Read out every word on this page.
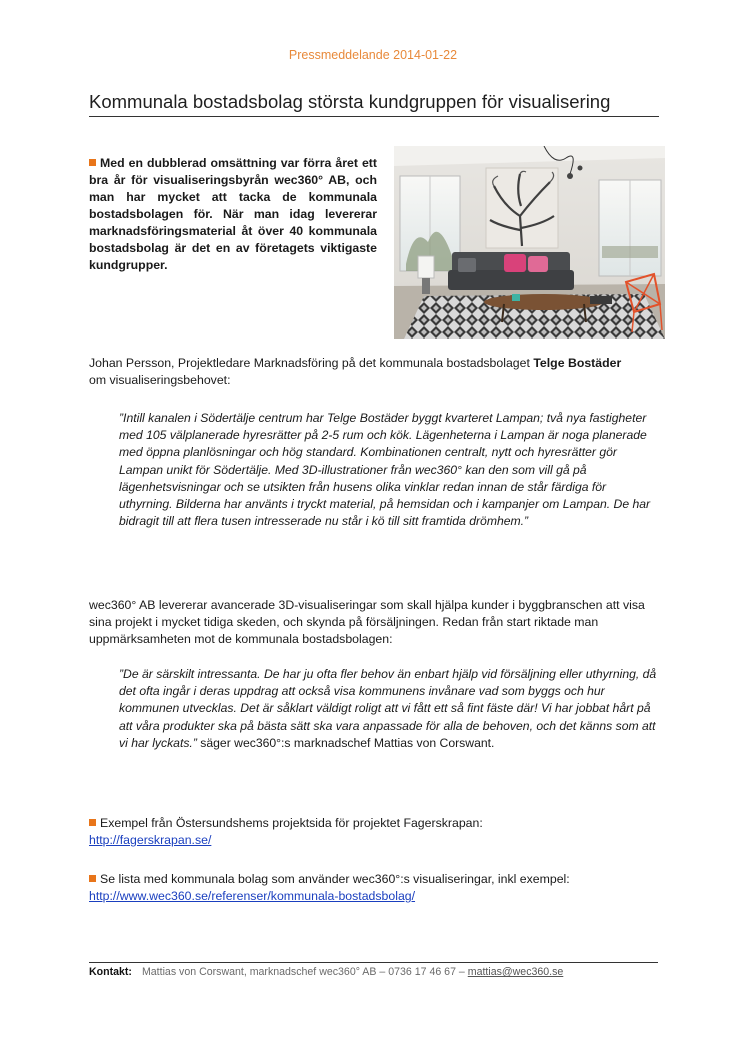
Pressmeddelande 2014-01-22
Kommunala bostadsbolag största kundgruppen för visualisering
Med en dubblerad omsättning var förra året ett bra år för visualiseringsbyrån wec360° AB, och man har mycket att tacka de kommunala bostadsbolagen för. När man idag levererar marknadsföringsmaterial åt över 40 kommunala bostadsbolag är det en av företagets viktigaste kundgrupper.
Johan Persson, Projektledare Marknadsföring på det kommunala bostadsbolaget Telge Bostäder
om visualiseringsbehovet:
”Intill kanalen i Södertälje centrum har Telge Bostäder byggt kvarteret Lampan; två nya fastigheter med 105 välplanerade hyresrätter på 2-5 rum och kök. Lägenheterna i Lampan är noga planerade med öppna planlösningar och hög standard. Kombinationen centralt, nytt och hyresrätter gör Lampan unikt för Södertälje. Med 3D-illustrationer från wec360° kan den som vill gå på lägenhetsvisningar och se utsikten från husens olika vinklar redan innan de står färdiga för uthyrning. Bilderna har använts i tryckt material, på hemsidan och i kampanjer om Lampan. De har bidragit till att flera tusen intresserade nu står i kö till sitt framtida drömhem.”
wec360° AB levererar avancerade 3D-visualiseringar som skall hjälpa kunder i byggbranschen att visa sina projekt i mycket tidiga skeden, och skynda på försäljningen. Redan från start riktade man uppmärksamheten mot de kommunala bostadsbolagen:
”De är särskilt intressanta. De har ju ofta fler behov än enbart hjälp vid försäljning eller uthyrning, då det ofta ingår i deras uppdrag att också visa kommunens invånare vad som byggs och hur kommunen utvecklas. Det är såklart väldigt roligt att vi fått ett så fint fäste där! Vi har jobbat hårt på att våra produkter ska på bästa sätt ska vara anpassade för alla de behoven, och det känns som att vi har lyckats.” säger wec360°:s marknadschef Mattias von Corswant.
Exempel från Östersundshems projektsida för projektet Fagerskrapan:
http://fagerskrapan.se/
Se lista med kommunala bolag som använder wec360°:s visualiseringar, inkl exempel:
http://www.wec360.se/referenser/kommunala-bostadsbolag/
Kontakt: Mattias von Corswant, marknadschef wec360° AB – 0736 17 46 67 – mattias@wec360.se
